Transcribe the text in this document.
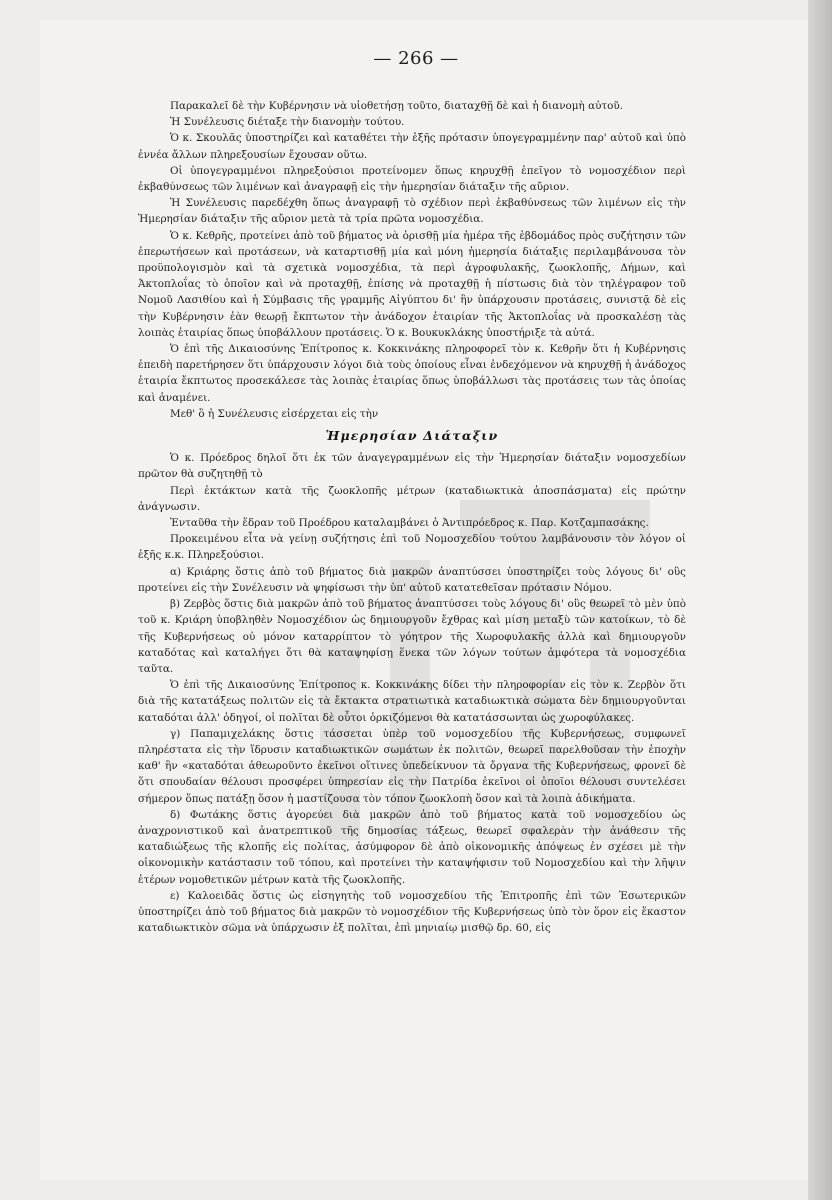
— 266 —

Παρακαλεῖ δὲ τὴν Κυβέρνησιν νὰ υἱοθετήσῃ τοῦτο, διαταχθῇ δὲ καὶ ἡ διανομὴ αὐτοῦ.

Ἡ Συνέλευσις διέταξε τὴν διανομὴν τούτου.

Ὁ κ. Σκουλᾶς ὑποστηρίζει καὶ καταθέτει τὴν ἑξῆς πρότασιν ὑπογεγραμμένην παρ' αὐτοῦ καὶ ὑπὸ ἐννέα ἄλλων πληρεξουσίων ἔχουσαν οὕτω.

Οἱ ὑπογεγραμμένοι πληρεξούσιοι προτείνομεν ὅπως κηρυχθῇ ἐπεῖγον τὸ νομοσχέδιον περὶ ἐκβαθύνσεως τῶν λιμένων καὶ ἀναγραφῇ εἰς τὴν ἡμερησίαν διάταξιν τῆς αὔριον.

Ἡ Συνέλευσις παρεδέχθη ὅπως ἀναγραφῇ τὸ σχέδιον περὶ ἐκβαθύνσεως τῶν λιμένων εἰς τὴν Ἡμερησίαν διάταξιν τῆς αὔριον μετὰ τὰ τρία πρῶτα νομοσχέδια.

Ὁ κ. Κεθρῆς, προτείνει ἀπὸ τοῦ βήματος νὰ ὁρισθῇ μία ἡμέρα τῆς ἑβδομάδος πρὸς συζήτησιν τῶν ἐπερωτήσεων καὶ προτάσεων, νὰ καταρτισθῇ μία καὶ μόνη ἡμερησία διάταξις περιλαμβάνουσα τὸν προϋπολογισμὸν καὶ τὰ σχετικὰ νομοσχέδια, τὰ περὶ ἀγροφυλακῆς, ζωοκλοπῆς, Δήμων, καὶ Ἀκτοπλοΐας τὸ ὁποῖον καὶ νὰ προταχθῇ, ἐπίσης νὰ προταχθῇ ἡ πίστωσις διὰ τὸν τηλέγραφον τοῦ Νομοῦ Λασιθίου καὶ ἡ Σύμβασις τῆς γραμμῆς Αἰγύπτου δι' ἣν ὑπάρχουσιν προτάσεις, συνιστᾷ δὲ εἰς τὴν Κυβέρνησιν ἐὰν θεωρῇ ἔκπτωτον τὴν ἀνάδοχον ἑταιρίαν τῆς Ἀκτοπλοΐας νὰ προσκαλέσῃ τὰς λοιπὰς ἑταιρίας ὅπως ὑποβάλλουν προτάσεις. Ὁ κ. Βουκυκλάκης ὑποστήριξε τὰ αὐτά.

Ὁ ἐπὶ τῆς Δικαιοσύνης Ἐπίτροπος κ. Κοκκινάκης πληροφορεῖ τὸν κ. Κεθρῆν ὅτι ἡ Κυβέρνησις ἐπειδὴ παρετήρησεν ὅτι ὑπάρχουσιν λόγοι διὰ τοὺς ὁποίους εἶναι ἐνδεχόμενον νὰ κηρυχθῇ ἡ ἀνάδοχος ἑταιρία ἔκπτωτος προσεκάλεσε τὰς λοιπὰς ἑταιρίας ὅπως ὑποβάλλωσι τὰς προτάσεις των τὰς ὁποίας καὶ ἀναμένει.

Μεθ' ὃ ἡ Συνέλευσις εἰσέρχεται εἰς τὴν

Ἡμερησίαν Διάταξιν

Ὁ κ. Πρόεδρος δηλοῖ ὅτι ἐκ τῶν ἀναγεγραμμένων εἰς τὴν Ἡμερησίαν διάταξιν νομοσχεδίων πρῶτον θὰ συζητηθῇ τὸ

Περὶ ἐκτάκτων κατὰ τῆς ζωοκλοπῆς μέτρων (καταδιωκτικὰ ἀποσπάσματα) εἰς πρώτην ἀνάγνωσιν.

Ἐνταῦθα τὴν ἕδραν τοῦ Προέδρου καταλαμβάνει ὁ Ἀντιπρόεδρος κ. Παρ. Κοτζαμπασάκης.

Προκειμένου εἶτα νὰ γείνῃ συζήτησις ἐπὶ τοῦ Νομοσχεδίου τούτου λαμβάνουσιν τὸν λόγον οἱ ἑξῆς κ.κ. Πληρεξούσιοι.

α) Κριάρης ὅστις ἀπὸ τοῦ βήματος διὰ μακρῶν ἀναπτύσσει ὑποστηρίζει τοὺς λόγους δι' οὓς προτείνει εἰς τὴν Συνέλευσιν νὰ ψηφίσωσι τὴν ὑπ' αὐτοῦ κατατεθεῖσαν πρότασιν Νόμου.

β) Ζερβὸς ὅστις διὰ μακρῶν ἀπὸ τοῦ βήματος ἀναπτύσσει τοὺς λόγους δι' οὓς θεωρεῖ τὸ μὲν ὑπὸ τοῦ κ. Κριάρη ὑποβληθὲν Νομοσχέδιον ὡς δημιουργοῦν ἔχθρας καὶ μίση μεταξὺ τῶν κατοίκων, τὸ δὲ τῆς Κυβερνήσεως οὐ μόνον καταρρίπτον τὸ γόητρον τῆς Χωροφυλακῆς ἀλλὰ καὶ δημιουργοῦν καταδότας καὶ καταλήγει ὅτι θὰ καταψηφίσῃ ἕνεκα τῶν λόγων τούτων ἀμφότερα τὰ νομοσχέδια ταῦτα.

Ὁ ἐπὶ τῆς Δικαιοσύνης Ἐπίτροπος κ. Κοκκινάκης δίδει τὴν πληροφορίαν εἰς τὸν κ. Ζερβὸν ὅτι διὰ τῆς κατατάξεως πολιτῶν εἰς τὰ ἔκτακτα στρατιωτικὰ καταδιωκτικὰ σώματα δὲν δημιουργοῦνται καταδόται ἀλλ' ὁδηγοί, οἱ πολῖται δὲ οὗτοι ὁρκιζόμενοι θὰ κατατάσσωνται ὡς χωροφύλακες.

γ) Παπαμιχελάκης ὅστις τάσσεται ὑπὲρ τοῦ νομοσχεδίου τῆς Κυβερνήσεως, συμφωνεῖ πληρέστατα εἰς τὴν ἵδρυσιν καταδιωκτικῶν σωμάτων ἐκ πολιτῶν, θεωρεῖ παρελθοῦσαν τὴν ἐποχὴν καθ' ἣν «καταδόται ἀθεωροῦντο ἐκεῖνοι οἵτινες ὑπεδείκνυον τὰ ὄργανα τῆς Κυβερνήσεως, φρονεῖ δὲ ὅτι σπουδαίαν θέλουσι προσφέρει ὑπηρεσίαν εἰς τὴν Πατρίδα ἐκεῖνοι οἱ ὁποῖοι θέλουσι συντελέσει σήμερον ὅπως πατάξῃ ὅσον ἡ μαστίζουσα τὸν τόπον ζωοκλοπὴ ὅσον καὶ τὰ λοιπὰ ἀδικήματα.

δ) Φωτάκης ὅστις ἀγορεύει διὰ μακρῶν ἀπὸ τοῦ βήματος κατὰ τοῦ νομοσχεδίου ὡς ἀναχρονιστικοῦ καὶ ἀνατρεπτικοῦ τῆς δημοσίας τάξεως, θεωρεῖ σφαλερὰν τὴν ἀνάθεσιν τῆς καταδιώξεως τῆς κλοπῆς εἰς πολίτας, ἀσύμφορον δὲ ἀπὸ οἰκονομικῆς ἀπόψεως ἐν σχέσει μὲ τὴν οἰκονομικὴν κατάστασιν τοῦ τόπου, καὶ προτείνει τὴν καταψήφισιν τοῦ Νομοσχεδίου καὶ τὴν λῆψιν ἑτέρων νομοθετικῶν μέτρων κατὰ τῆς ζωοκλοπῆς.

ε) Καλοειδᾶς ὅστις ὡς εἰσηγητὴς τοῦ νομοσχεδίου τῆς Ἐπιτροπῆς ἐπὶ τῶν Ἐσωτερικῶν ὑποστηρίζει ἀπὸ τοῦ βήματος διὰ μακρῶν τὸ νομοσχέδιον τῆς Κυβερνήσεως ὑπὸ τὸν ὅρον εἰς ἕκαστον καταδιωκτικὸν σῶμα νὰ ὑπάρχωσιν ἐξ πολῖται, ἐπὶ μηνιαίῳ μισθῷ δρ. 60, εἰς
